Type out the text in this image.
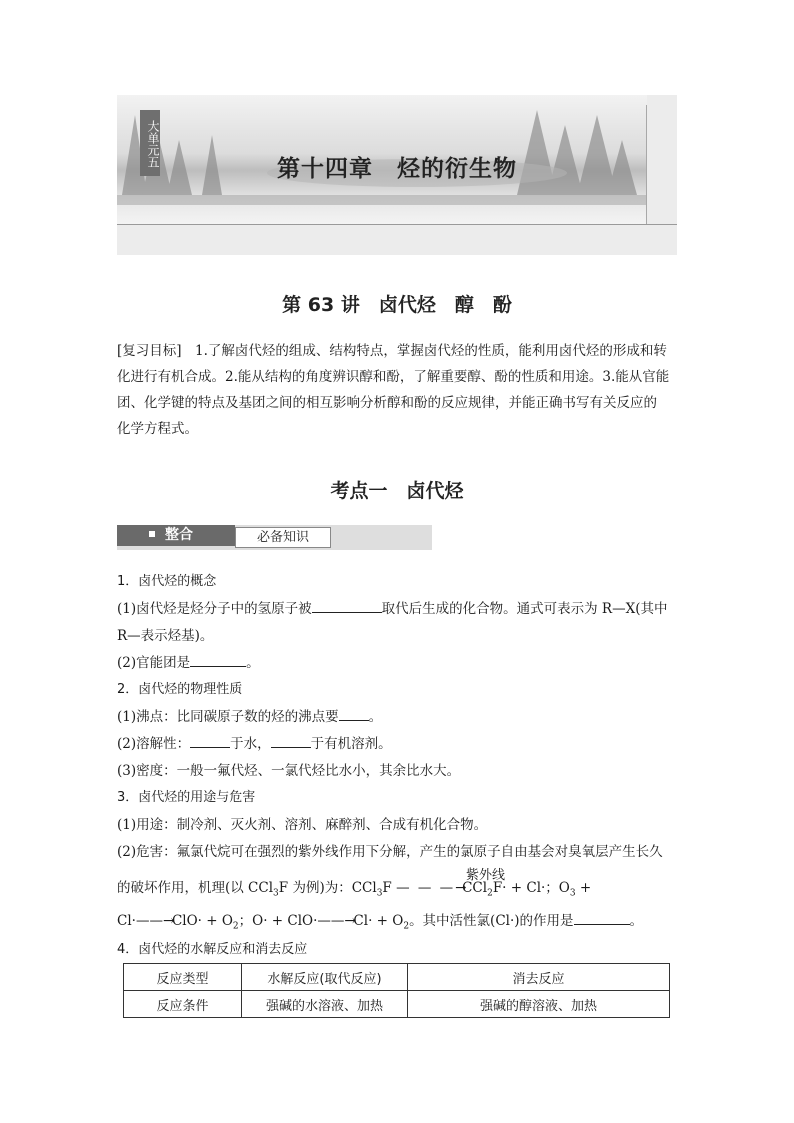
大单元五
第十四章　烃的衍生物
第 63 讲　卤代烃　醇　酚
[复习目标]　1.了解卤代烃的组成、结构特点，掌握卤代烃的性质，能利用卤代烃的形成和转
化进行有机合成。2.能从结构的角度辨识醇和酚，了解重要醇、酚的性质和用途。3.能从官能
团、化学键的特点及基团之间的相互影响分析醇和酚的反应规律，并能正确书写有关反应的
化学方程式。
考点一　卤代烃
整合	必备知识
1．卤代烃的概念
(1)卤代烃是烃分子中的氢原子被	取代后生成的化合物。通式可表示为 R—X(其中
R—表示烃基)。
(2)官能团是	。
2．卤代烃的物理性质
(1)沸点：比同碳原子数的烃的沸点要 。
(2)溶解性：	于水，	于有机溶剂。
(3)密度：一般一氟代烃、一氯代烃比水小，其余比水大。
3．卤代烃的用途与危害
(1)用途：制冷剂、灭火剂、溶剂、麻醉剂、合成有机化合物。
(2)危害：氟氯代烷可在强烈的紫外线作用下分解，产生的氯原子自由基会对臭氧层产生长久
紫外线
的破坏作用，机理(以 CCl$_3$F 为例)为：CCl$_3$F — — —→CCl$_2$F· + Cl·；$O_3$ +
Cl·——→ClO· + $O_2$；O· + ClO·——→Cl· + $O_2$。其中活性氯(Cl·)的作用是	。
4．卤代烃的水解反应和消去反应
反应类型	水解反应(取代反应)	消去反应
反应条件	强碱的水溶液、加热	强碱的醇溶液、加热
